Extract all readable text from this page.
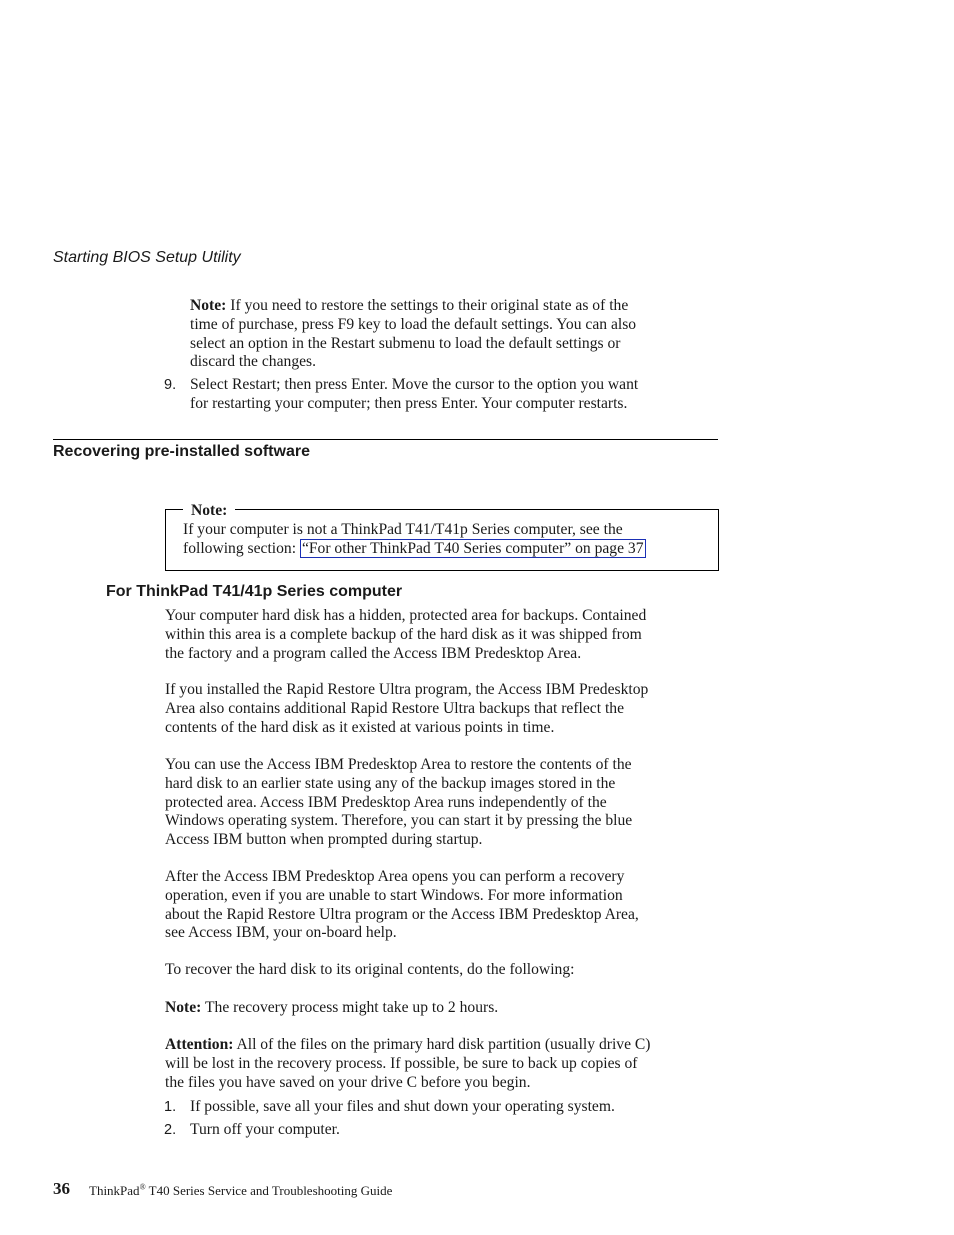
Starting BIOS Setup Utility
Note: If you need to restore the settings to their original state as of the
time of purchase, press F9 key to load the default settings. You can also
select an option in the Restart submenu to load the default settings or
discard the changes.
9. Select Restart; then press Enter. Move the cursor to the option you want
for restarting your computer; then press Enter. Your computer restarts.
Recovering pre-installed software
Note:
If your computer is not a ThinkPad T41/T41p Series computer, see the
following section: “For other ThinkPad T40 Series computer” on page 37
For ThinkPad T41/41p Series computer
Your computer hard disk has a hidden, protected area for backups. Contained
within this area is a complete backup of the hard disk as it was shipped from
the factory and a program called the Access IBM Predesktop Area.
If you installed the Rapid Restore Ultra program, the Access IBM Predesktop
Area also contains additional Rapid Restore Ultra backups that reflect the
contents of the hard disk as it existed at various points in time.
You can use the Access IBM Predesktop Area to restore the contents of the
hard disk to an earlier state using any of the backup images stored in the
protected area. Access IBM Predesktop Area runs independently of the
Windows operating system. Therefore, you can start it by pressing the blue
Access IBM button when prompted during startup.
After the Access IBM Predesktop Area opens you can perform a recovery
operation, even if you are unable to start Windows. For more information
about the Rapid Restore Ultra program or the Access IBM Predesktop Area,
see Access IBM, your on-board help.
To recover the hard disk to its original contents, do the following:
Note: The recovery process might take up to 2 hours.
Attention: All of the files on the primary hard disk partition (usually drive C)
will be lost in the recovery process. If possible, be sure to back up copies of
the files you have saved on your drive C before you begin.
1. If possible, save all your files and shut down your operating system.
2. Turn off your computer.
36 ThinkPad® T40 Series Service and Troubleshooting Guide
